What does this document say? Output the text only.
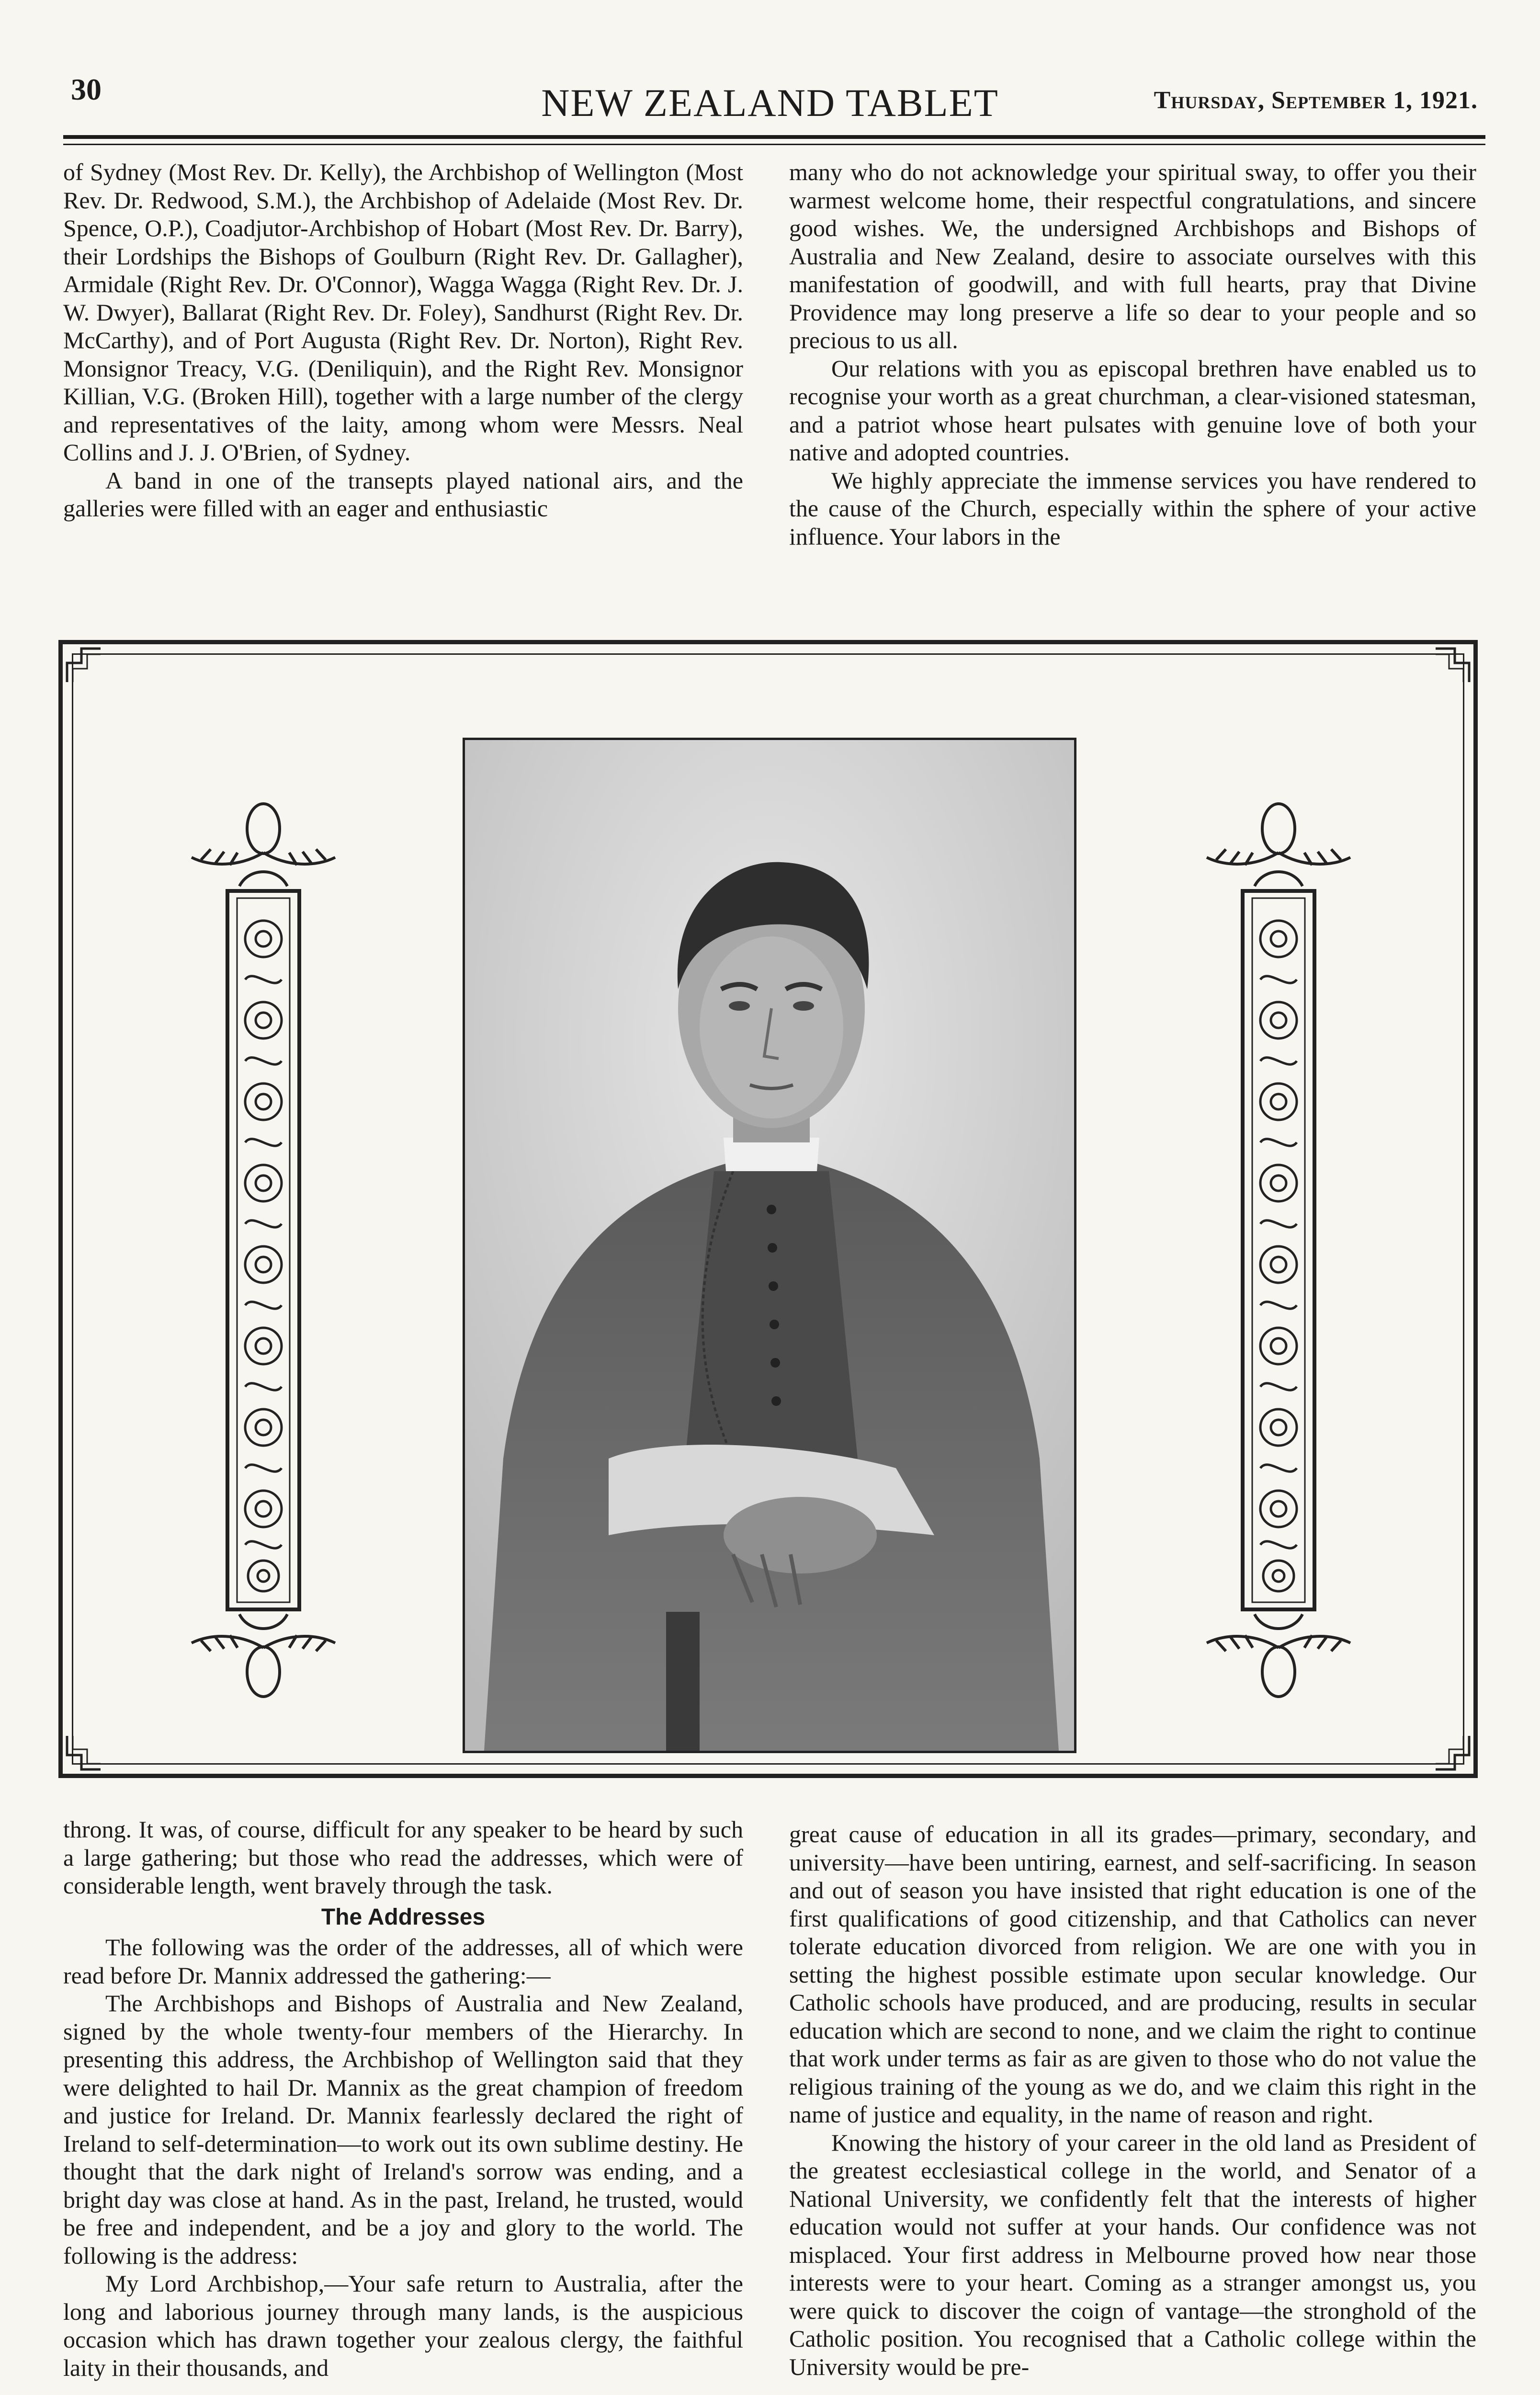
30	NEW ZEALAND TABLET	Thursday, September 1, 1921.

of Sydney (Most Rev. Dr. Kelly), the Archbishop of Wellington (Most Rev. Dr. Redwood, S.M.), the Archbishop of Adelaide (Most Rev. Dr. Spence, O.P.), Coadjutor-Archbishop of Hobart (Most Rev. Dr. Barry), their Lordships the Bishops of Goulburn (Right Rev. Dr. Gallagher), Armidale (Right Rev. Dr. O'Connor), Wagga Wagga (Right Rev. Dr. J. W. Dwyer), Ballarat (Right Rev. Dr. Foley), Sandhurst (Right Rev. Dr. McCarthy), and of Port Augusta (Right Rev. Dr. Norton), Right Rev. Monsignor Treacy, V.G. (Deniliquin), and the Right Rev. Monsignor Killian, V.G. (Broken Hill), together with a large number of the clergy and representatives of the laity, among whom were Messrs. Neal Collins and J. J. O'Brien, of Sydney.

A band in one of the transepts played national airs, and the galleries were filled with an eager and enthusiastic

many who do not acknowledge your spiritual sway, to offer you their warmest welcome home, their respectful congratulations, and sincere good wishes. We, the undersigned Archbishops and Bishops of Australia and New Zealand, desire to associate ourselves with this manifestation of goodwill, and with full hearts, pray that Divine Providence may long preserve a life so dear to your people and so precious to us all.

Our relations with you as episcopal brethren have enabled us to recognise your worth as a great churchman, a clear-visioned statesman, and a patriot whose heart pulsates with genuine love of both your native and adopted countries.

We highly appreciate the immense services you have rendered to the cause of the Church, especially within the sphere of your active influence. Your labors in the

throng. It was, of course, difficult for any speaker to be heard by such a large gathering; but those who read the addresses, which were of considerable length, went bravely through the task.

The Addresses

The following was the order of the addresses, all of which were read before Dr. Mannix addressed the gathering:—

The Archbishops and Bishops of Australia and New Zealand, signed by the whole twenty-four members of the Hierarchy. In presenting this address, the Archbishop of Wellington said that they were delighted to hail Dr. Mannix as the great champion of freedom and justice for Ireland. Dr. Mannix fearlessly declared the right of Ireland to self-determination—to work out its own sublime destiny. He thought that the dark night of Ireland's sorrow was ending, and a bright day was close at hand. As in the past, Ireland, he trusted, would be free and independent, and be a joy and glory to the world. The following is the address:

My Lord Archbishop,—Your safe return to Australia, after the long and laborious journey through many lands, is the auspicious occasion which has drawn together your zealous clergy, the faithful laity in their thousands, and

great cause of education in all its grades—primary, secondary, and university—have been untiring, earnest, and self-sacrificing. In season and out of season you have insisted that right education is one of the first qualifications of good citizenship, and that Catholics can never tolerate education divorced from religion. We are one with you in setting the highest possible estimate upon secular knowledge. Our Catholic schools have produced, and are producing, results in secular education which are second to none, and we claim the right to continue that work under terms as fair as are given to those who do not value the religious training of the young as we do, and we claim this right in the name of justice and equality, in the name of reason and right.

Knowing the history of your career in the old land as President of the greatest ecclesiastical college in the world, and Senator of a National University, we confidently felt that the interests of higher education would not suffer at your hands. Our confidence was not misplaced. Your first address in Melbourne proved how near those interests were to your heart. Coming as a stranger amongst us, you were quick to discover the coign of vantage—the stronghold of the Catholic position. You recognised that a Catholic college within the University would be pre-
